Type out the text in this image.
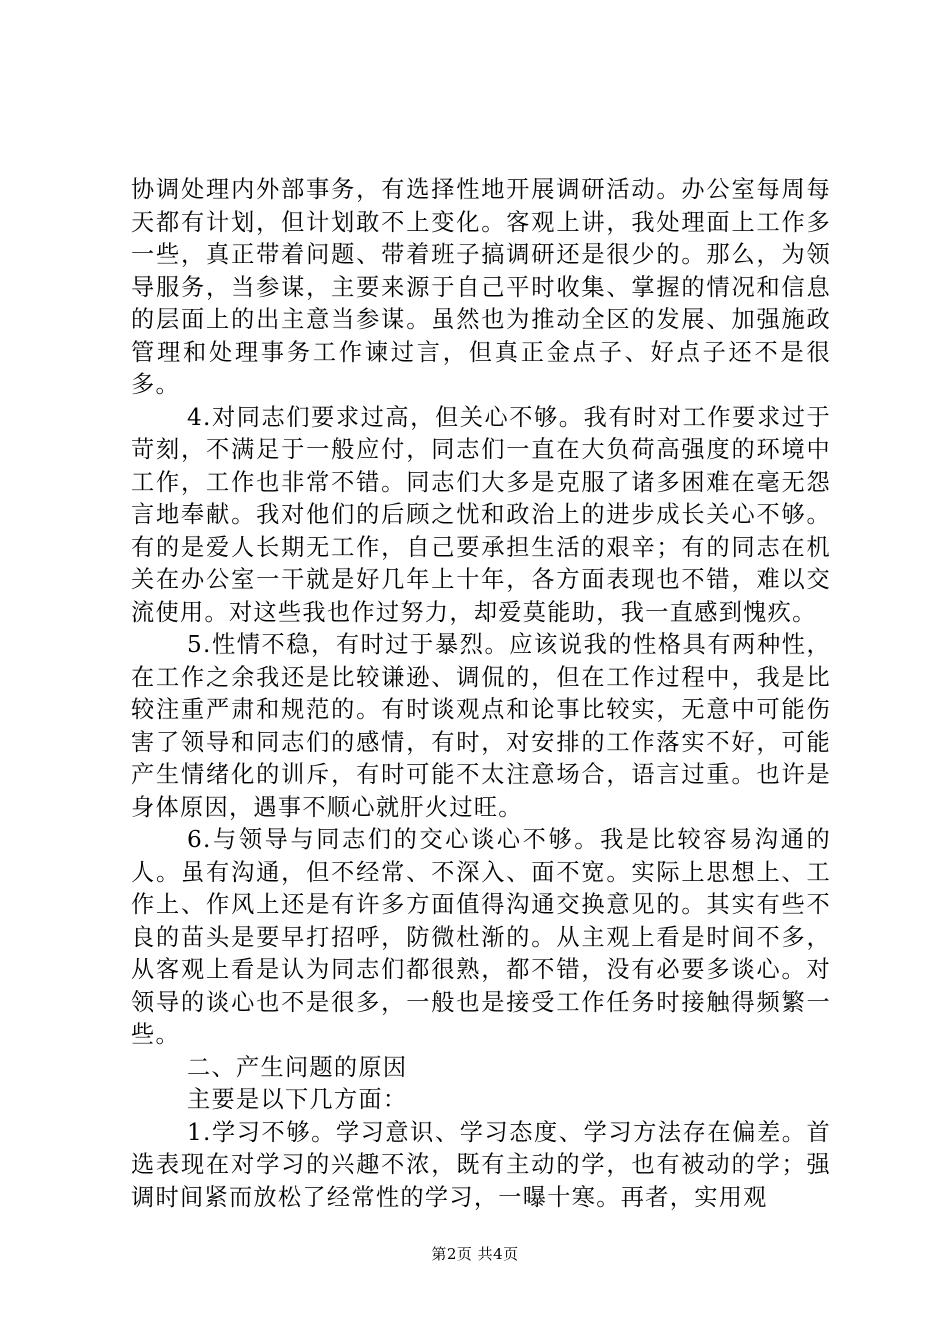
协调处理内外部事务，有选择性地开展调研活动。办公室每周每天都有计划，但计划敢不上变化。客观上讲，我处理面上工作多一些，真正带着问题、带着班子搞调研还是很少的。那么，为领导服务，当参谋，主要来源于自己平时收集、掌握的情况和信息的层面上的出主意当参谋。虽然也为推动全区的发展、加强施政管理和处理事务工作谏过言，但真正金点子、好点子还不是很多。

4.对同志们要求过高，但关心不够。我有时对工作要求过于苛刻，不满足于一般应付，同志们一直在大负荷高强度的环境中工作，工作也非常不错。同志们大多是克服了诸多困难在毫无怨言地奉献。我对他们的后顾之忧和政治上的进步成长关心不够。有的是爱人长期无工作，自己要承担生活的艰辛；有的同志在机关在办公室一干就是好几年上十年，各方面表现也不错，难以交流使用。对这些我也作过努力，却爱莫能助，我一直感到愧疚。

5.性情不稳，有时过于暴烈。应该说我的性格具有两种性，在工作之余我还是比较谦逊、调侃的，但在工作过程中，我是比较注重严肃和规范的。有时谈观点和论事比较实，无意中可能伤害了领导和同志们的感情，有时，对安排的工作落实不好，可能产生情绪化的训斥，有时可能不太注意场合，语言过重。也许是身体原因，遇事不顺心就肝火过旺。

6.与领导与同志们的交心谈心不够。我是比较容易沟通的人。虽有沟通，但不经常、不深入、面不宽。实际上思想上、工作上、作风上还是有许多方面值得沟通交换意见的。其实有些不良的苗头是要早打招呼，防微杜渐的。从主观上看是时间不多，从客观上看是认为同志们都很熟，都不错，没有必要多谈心。对领导的谈心也不是很多，一般也是接受工作任务时接触得频繁一些。

二、产生问题的原因

主要是以下几方面：

1.学习不够。学习意识、学习态度、学习方法存在偏差。首选表现在对学习的兴趣不浓，既有主动的学，也有被动的学；强调时间紧而放松了经常性的学习，一曝十寒。再者，实用观

第2页 共4页
